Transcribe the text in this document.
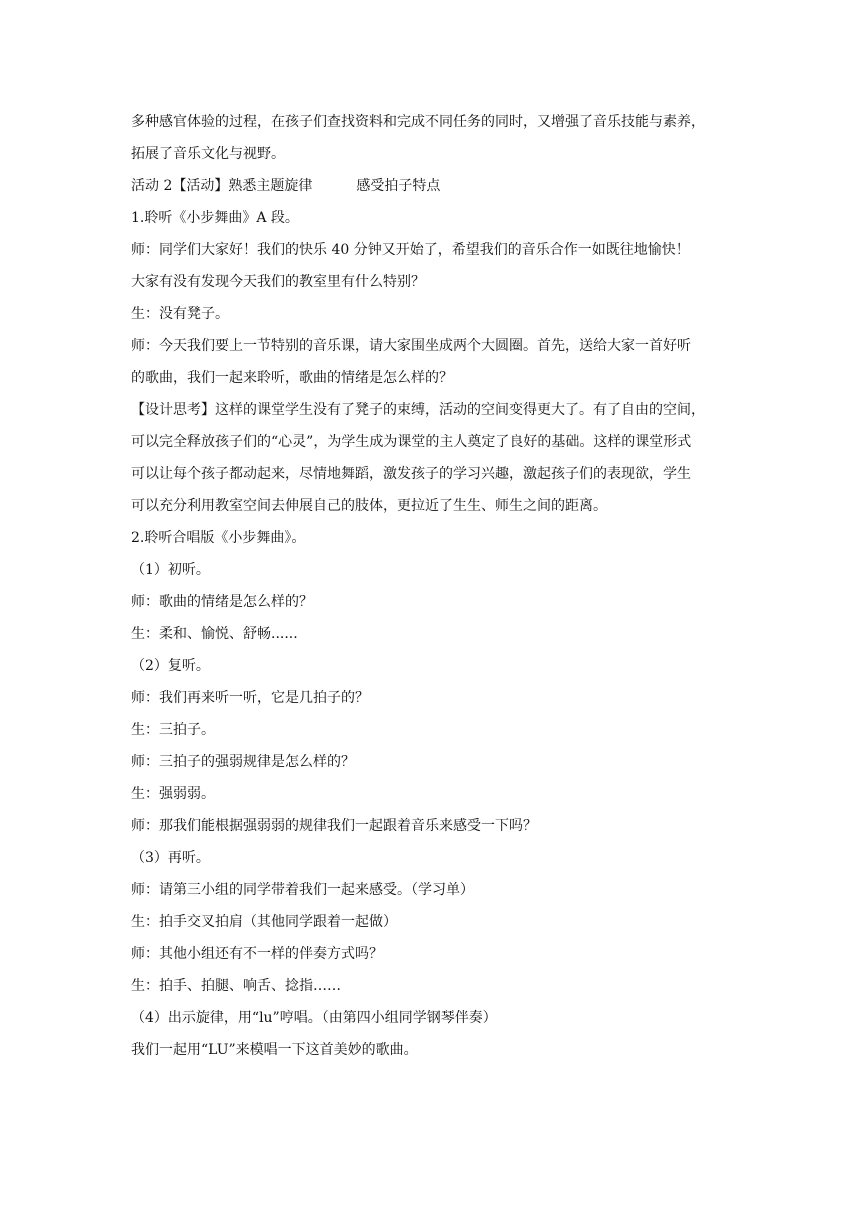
多种感官体验的过程，在孩子们查找资料和完成不同任务的同时，又增强了音乐技能与素养，
拓展了音乐文化与视野。
活动 2【活动】熟悉主题旋律	感受拍子特点
1.聆听《小步舞曲》A 段。
师：同学们大家好！我们的快乐 40 分钟又开始了，希望我们的音乐合作一如既往地愉快！
大家有没有发现今天我们的教室里有什么特别？
生：没有凳子。
师：今天我们要上一节特别的音乐课，请大家围坐成两个大圆圈。首先，送给大家一首好听
的歌曲，我们一起来聆听，歌曲的情绪是怎么样的？
【设计思考】这样的课堂学生没有了凳子的束缚，活动的空间变得更大了。有了自由的空间，
可以完全释放孩子们的“心灵”，为学生成为课堂的主人奠定了良好的基础。这样的课堂形式
可以让每个孩子都动起来，尽情地舞蹈，激发孩子的学习兴趣，激起孩子们的表现欲，学生
可以充分利用教室空间去伸展自己的肢体，更拉近了生生、师生之间的距离。
2.聆听合唱版《小步舞曲》。
（1）初听。
师：歌曲的情绪是怎么样的？
生：柔和、愉悦、舒畅......
（2）复听。
师：我们再来听一听，它是几拍子的？
生：三拍子。
师：三拍子的强弱规律是怎么样的？
生：强弱弱。
师：那我们能根据强弱弱的规律我们一起跟着音乐来感受一下吗？
（3）再听。
师：请第三小组的同学带着我们一起来感受。（学习单）
生：拍手交叉拍肩（其他同学跟着一起做）
师：其他小组还有不一样的伴奏方式吗？
生：拍手、拍腿、响舌、捻指……
（4）出示旋律，用“lu”哼唱。（由第四小组同学钢琴伴奏）
我们一起用“LU”来模唱一下这首美妙的歌曲。
